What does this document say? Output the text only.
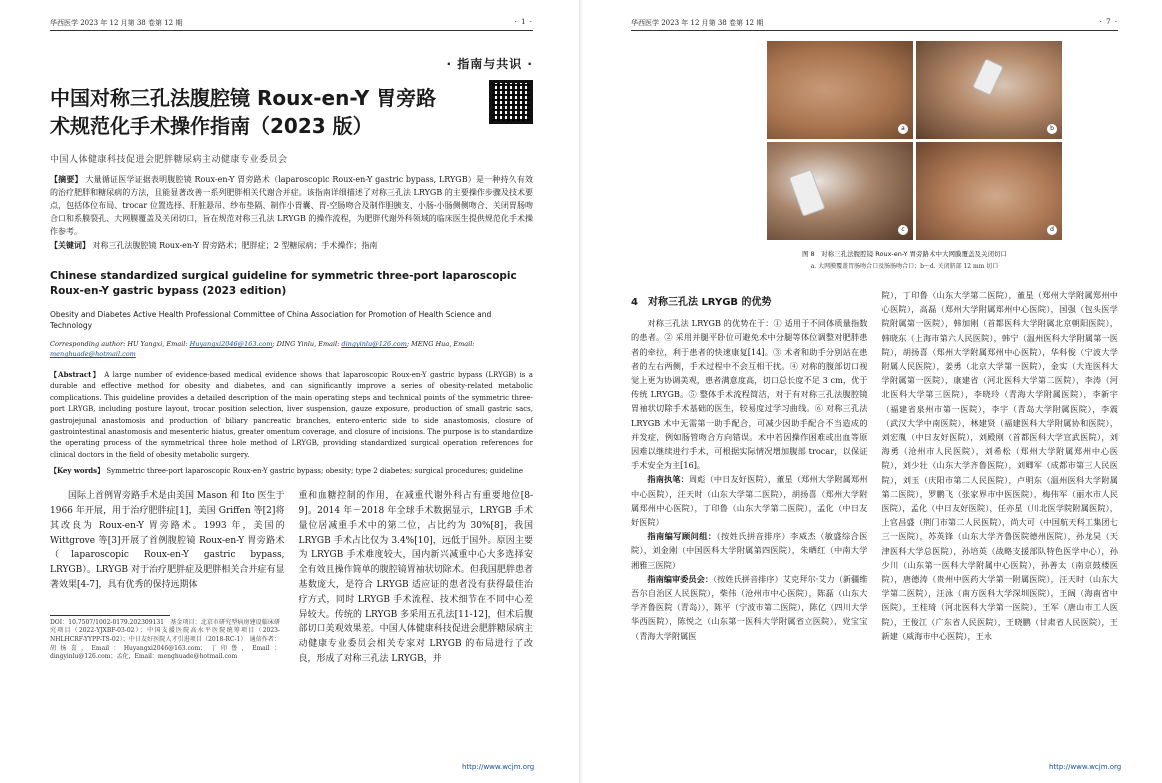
华西医学 2023 年 12 月第 38 卷第 12 期	· 1 ·
· 指南与共识 ·
中国对称三孔法腹腔镜 Roux-en-Y 胃旁路术规范化手术操作指南（2023 版）
中国人体健康科技促进会肥胖糖尿病主动健康专业委员会
【摘要】 大量循证医学证据表明腹腔镜 Roux-en-Y 胃旁路术（laparoscopic Roux-en-Y gastric bypass, LRYGB）是一种持久有效的治疗肥胖和糖尿病的方法，且能显著改善一系列肥胖相关代谢合并症。该指南详细描述了对称三孔法 LRYGB 的主要操作步骤及技术要点，包括体位布局、trocar 位置选择、肝脏悬吊、纱布垫隔、制作小胃囊、胃-空肠吻合及制作胆胰支、小肠-小肠侧侧吻合、关闭胃肠吻合口和系膜裂孔、大网膜覆盖及关闭切口，旨在规范对称三孔法 LRYGB 的操作流程，为肥胖代谢外科领域的临床医生提供规范化手术操作参考。
【关键词】 对称三孔法腹腔镜 Roux-en-Y 胃旁路术；肥胖症；2 型糖尿病；手术操作；指南
Chinese standardized surgical guideline for symmetric three-port laparoscopic Roux-en-Y gastric bypass (2023 edition)
Obesity and Diabetes Active Health Professional Committee of China Association for Promotion of Health Science and Technology
Corresponding author: HU Yangxi, Email: Huyangxi2046@163.com; DING Yinlu, Email: dingyinlu@126.com; MENG Hua, Email: menghuade@hotmail.com
【Abstract】 A large number of evidence-based medical evidence shows that laparoscopic Roux-en-Y gastric bypass (LRYGB) is a durable and effective method for obesity and diabetes, and can significantly improve a series of obesity-related metabolic complications. This guideline provides a detailed description of the main operating steps and technical points of the symmetric three-port LRYGB, including posture layout, trocar position selection, liver suspension, gauze exposure, production of small gastric sacs, gastrojejunal anastomosis and production of biliary pancreatic branches, entero-enteric side to side anastomosis, closure of gastrointestinal anastomosis and mesenteric hiatus, greater omentum coverage, and closure of incisions. The purpose is to standardize the operating process of the symmetrical three hole method of LRYGB, providing standardized surgical operation references for clinical doctors in the field of obesity metabolic surgery.
【Key words】 Symmetric three-port laparoscopic Roux-en-Y gastric bypass; obesity; type 2 diabetes; surgical procedures; guideline

国际上首例胃旁路手术是由美国 Mason 和 Ito 医生于 1966 年开展，用于治疗肥胖症[1]，美国 Griffen 等[2]将其改良为 Roux-en-Y 胃旁路术。1993 年，美国的 Wittgrove 等[3]开展了首例腹腔镜 Roux-en-Y 胃旁路术（laparoscopic Roux-en-Y gastric bypass, LRYGB）。LRYGB 对于治疗肥胖症及肥胖相关合并症有显著效果[4-7]，具有优秀的保持远期体

DOI：10.7507/1002-0179.202309131　基金项目：北京市研究型病房建设临床研究项目（2022-YJXBF-03-02）；中国支援医院高水平医院统筹项目（2023-NHLHCRF-YYPP-TS-02）；中日友好医院人才引进项目（2018-RC-1）　通信作者：胡扬喜，Email：Huyangxi2046@163.com；丁印鲁，Email：dingyinlu@126.com；孟化，Email：menghuade@hotmail.com

重和血糖控制的作用，在减重代谢外科占有重要地位[8-9]。2014 年－2018 年全球手术数据显示，LRYGB 手术量位居减重手术中的第二位，占比约为 30%[8]，我国 LRYGB 手术占比仅为 3.4%[10]，远低于国外。原因主要为 LRYGB 手术难度较大，国内新兴减重中心大多选择安全有效且操作简单的腹腔镜胃袖状切除术。但我国肥胖患者基数庞大，是符合 LRYGB 适应证的患者没有获得最佳治疗方式，同时 LRYGB 手术流程、技术细节在不同中心差异较大。传统的 LRYGB 多采用五孔法[11-12]，但术后腹部切口美观效果差。中国人体健康科技促进会肥胖糖尿病主动健康专业委员会相关专家对 LRYGB 的布局进行了改良，形成了对称三孔法 LRYGB，并

http://www.wcjm.org
华西医学 2023 年 12 月第 38 卷第 12 期	· 7 ·
a	b
c	d
图 8　对称三孔法腹腔镜 Roux-en-Y 胃旁路术中大网膜覆盖及关闭切口
a. 大网膜覆盖胃肠吻合口及肠肠吻合口；b～d. 关闭脐部 12 mm 切口
4　对称三孔法 LRYGB 的优势

对称三孔法 LRYGB 的优势在于：① 适用于不同体质量指数的患者。② 采用并腿平卧位可避免术中分腿等体位调整对肥胖患者的牵拉，利于患者的快速康复[14]。③ 术者和助手分别站在患者的左右两侧，手术过程中不会互相干扰。④ 对称的腹部切口视觉上更为协调美观，患者满意度高，切口总长度不足 3 cm，优于传统 LRYGB。⑤ 整体手术流程简洁，对于有对称三孔法腹腔镜胃袖状切除手术基础的医生，较易度过学习曲线。⑥ 对称三孔法 LRYGB 术中无需第一助手配合，可减少因助手配合不当造成的并发症，例如肠管吻合方向错误。术中若因操作困难或出血等原因难以继续进行手术，可根据实际情况增加腹部 trocar，以保证手术安全为主[16]。

指南执笔：周彪（中日友好医院），董星（郑州大学附属郑州中心医院），汪天时（山东大学第二医院），胡扬喜（郑州大学附属郑州中心医院），丁印鲁（山东大学第二医院），孟化（中日友好医院）

指南编写顾问组：（按姓氏拼音排序）李威杰（敏盛综合医院），刘金刚（中国医科大学附属第四医院），朱晒红（中南大学湘雅三医院）

指南编审委员会：（按姓氏拼音排序）艾克拜尔·艾力（新疆维吾尔自治区人民医院），柴伟（沧州市中心医院），陈磊（山东大学齐鲁医院（青岛）），陈平（宁波市第二医院），陈亿（四川大学华西医院），陈悦之（山东第一医科大学附属省立医院），党宝宝（青海大学附属医

院），丁印鲁（山东大学第二医院），董星（郑州大学附属郑州中心医院），高磊（郑州大学附属郑州中心医院），国强（包头医学院附属第一医院），韩加刚（首都医科大学附属北京朝阳医院），韩晓东（上海市第六人民医院），韩宁（温州医科大学附属第一医院），胡扬喜（郑州大学附属郑州中心医院），华科俊（宁波大学附属人民医院），姜勇（北京大学第一医院），金实（大连医科大学附属第一医院），康建省（河北医科大学第二医院），李涛（河北医科大学第三医院），李晓玲（青海大学附属医院），李新宇（福建省泉州市第一医院），李宇（青岛大学附属医院），李震（武汉大学中南医院），林建贤（福建医科大学附属协和医院），刘宏胤（中日友好医院），刘殿刚（首都医科大学宣武医院），刘海勇（沧州市人民医院），刘希松（郑州大学附属郑州中心医院），刘少壮（山东大学齐鲁医院），刘卿军（成都市第三人民医院），刘玉（庆阳市第二人民医院），卢明东（温州医科大学附属第二医院），罗鹏飞（张家界市中医医院），梅伟军（丽水市人民医院），孟化（中日友好医院），任亦星（川北医学院附属医院），上官昌盛（荆门市第二人民医院），尚大可（中国航天科工集团七三一医院），苏英锋（山东大学齐鲁医院德州医院），孙龙昊（天津医科大学总医院），孙培英（战略支援部队特色医学中心），孙少川（山东第一医科大学附属中心医院），孙善太（南京鼓楼医院），唐德涛（贵州中医药大学第一附属医院），汪天时（山东大学第二医院），汪泳（南方医科大学深圳医院），王阔（海南省中医院），王桂琦（河北医科大学第一医院），王军（唐山市工人医院），王俊江（广东省人民医院），王晓鹏（甘肃省人民医院），王新建（威海市中心医院），王永

http://www.wcjm.org
